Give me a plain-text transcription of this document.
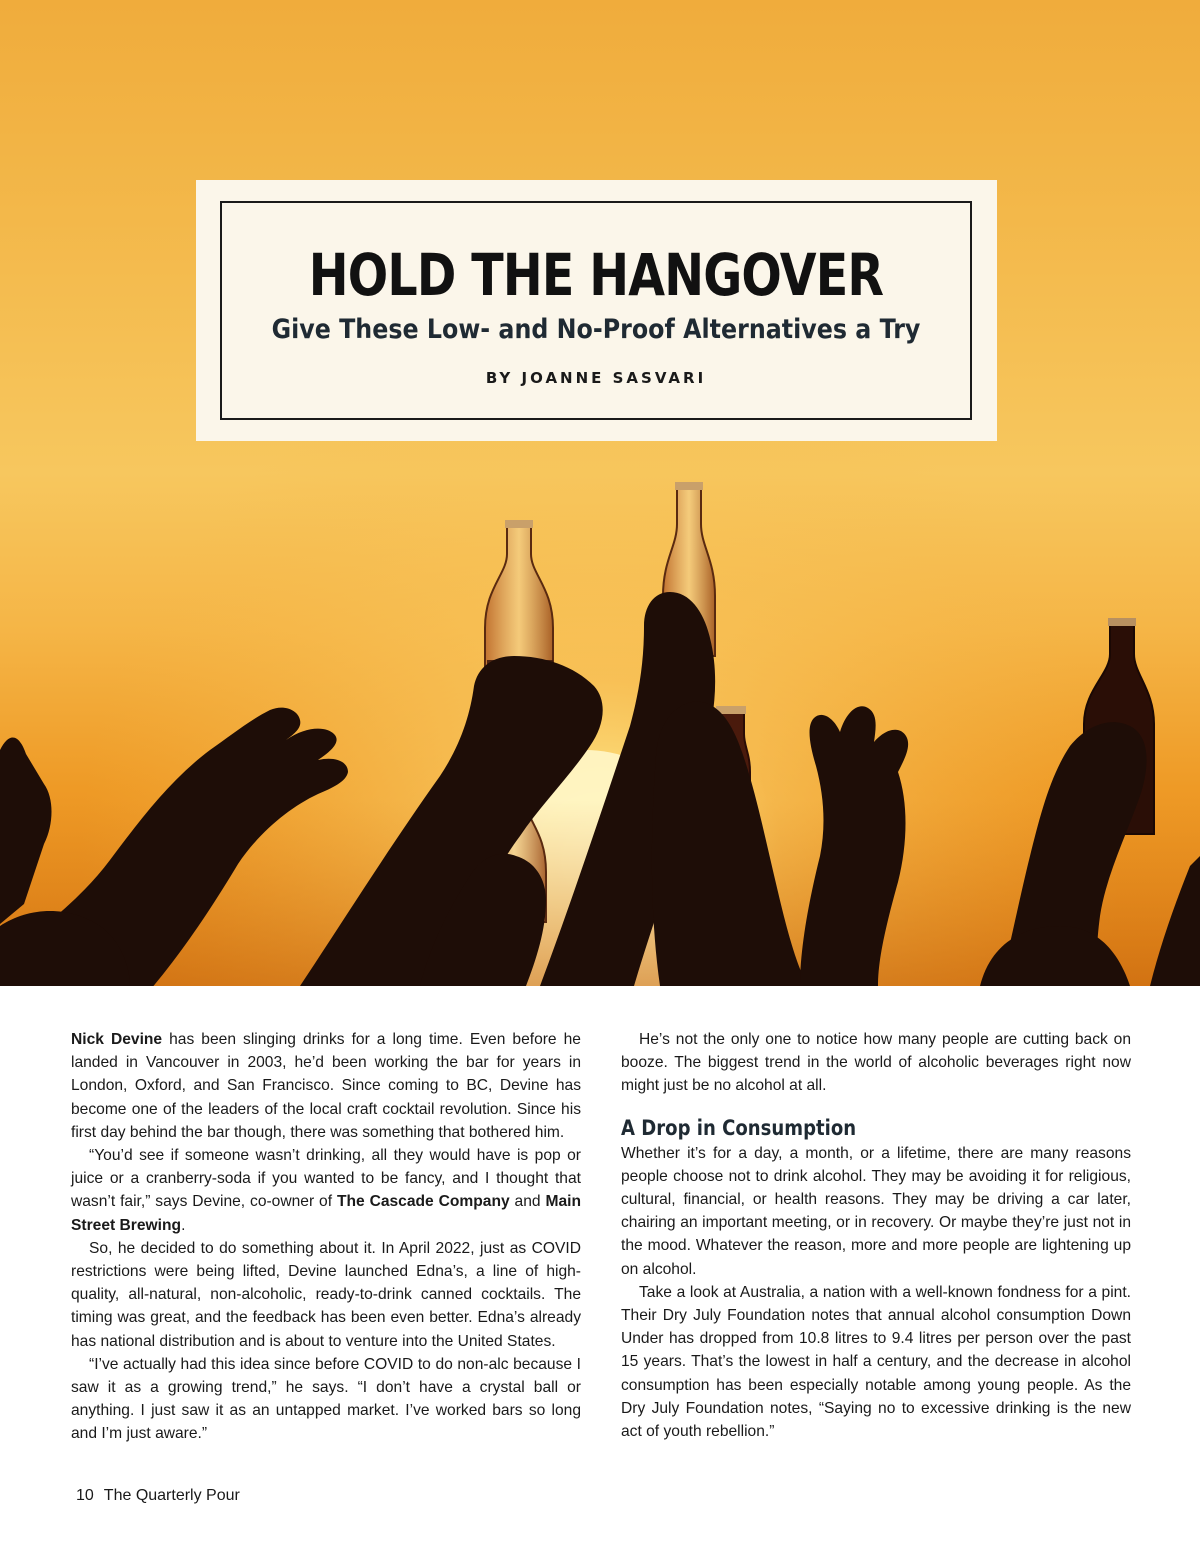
HOLD THE HANGOVER
Give These Low- and No-Proof Alternatives a Try
BY JOANNE SASVARI

Nick Devine has been slinging drinks for a long time. Even before he landed in Vancouver in 2003, he’d been working the bar for years in London, Oxford, and San Francisco. Since coming to BC, Devine has become one of the leaders of the local craft cocktail revolution. Since his first day behind the bar though, there was something that bothered him.

“You’d see if someone wasn’t drinking, all they would have is pop or juice or a cranberry-soda if you wanted to be fancy, and I thought that wasn’t fair,” says Devine, co-owner of The Cascade Company and Main Street Brewing.

So, he decided to do something about it. In April 2022, just as COVID restrictions were being lifted, Devine launched Edna’s, a line of high-quality, all-natural, non-alcoholic, ready-to-drink canned cocktails. The timing was great, and the feedback has been even better. Edna’s already has national distribution and is about to venture into the United States.

“I’ve actually had this idea since before COVID to do non-alc because I saw it as a growing trend,” he says. “I don’t have a crystal ball or anything. I just saw it as an untapped market. I’ve worked bars so long and I’m just aware.”

He’s not the only one to notice how many people are cutting back on booze. The biggest trend in the world of alcoholic beverages right now might just be no alcohol at all.

A Drop in Consumption

Whether it’s for a day, a month, or a lifetime, there are many reasons people choose not to drink alcohol. They may be avoiding it for religious, cultural, financial, or health reasons. They may be driving a car later, chairing an important meeting, or in recovery. Or maybe they’re just not in the mood. Whatever the reason, more and more people are lightening up on alcohol.

Take a look at Australia, a nation with a well-known fondness for a pint. Their Dry July Foundation notes that annual alcohol consumption Down Under has dropped from 10.8 litres to 9.4 litres per person over the past 15 years. That’s the lowest in half a century, and the decrease in alcohol consumption has been especially notable among young people. As the Dry July Foundation notes, “Saying no to excessive drinking is the new act of youth rebellion.”

10 The Quarterly Pour
